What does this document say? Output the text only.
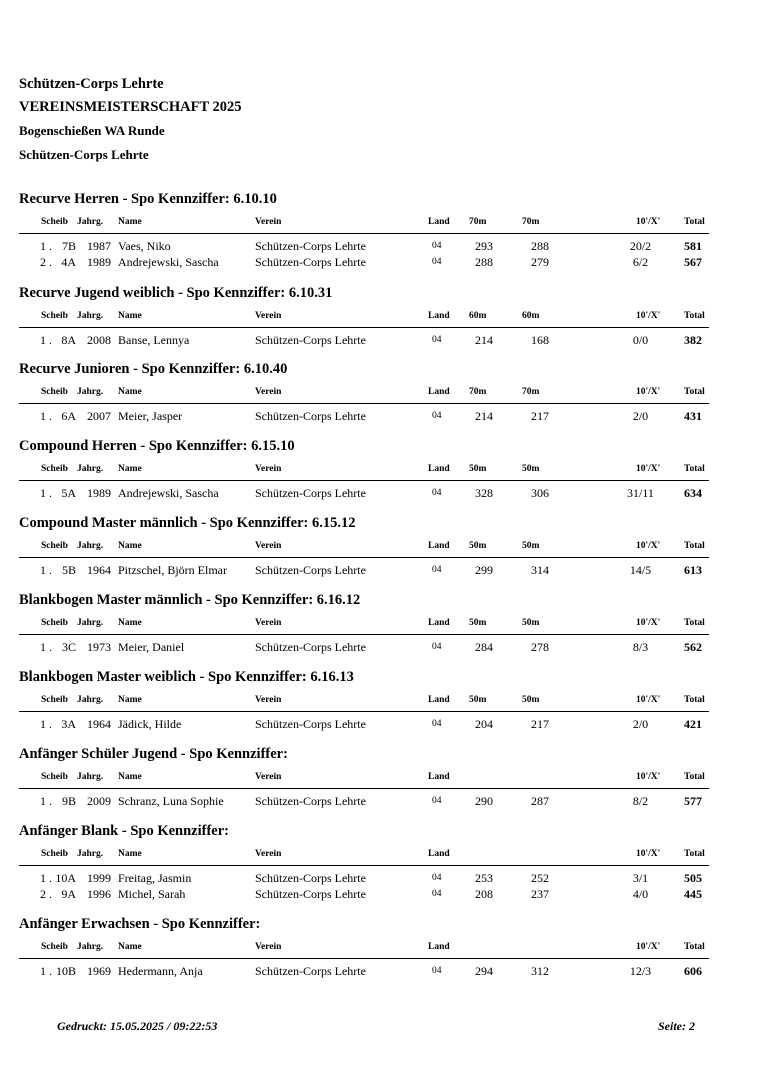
Schützen-Corps Lehrte
VEREINSMEISTERSCHAFT 2025
Bogenschießen WA Runde
Schützen-Corps Lehrte
Recurve Herren - Spo Kennziffer: 6.10.10
Scheib Jahrg. Name	Verein	Land 70m	70m	10'/X' Total
1 . 7B 1987 Vaes, Niko	Schützen-Corps Lehrte	04	293	288	20/2	581
2 . 4A 1989 Andrejewski, Sascha	Schützen-Corps Lehrte	04	288	279	6/2	567
Recurve Jugend weiblich - Spo Kennziffer: 6.10.31
Scheib Jahrg. Name	Verein	Land 60m	60m	10'/X' Total
1 . 8A 2008 Banse, Lennya	Schützen-Corps Lehrte	04	214	168	0/0	382
Recurve Junioren - Spo Kennziffer: 6.10.40
Scheib Jahrg. Name	Verein	Land 70m	70m	10'/X' Total
1 . 6A 2007 Meier, Jasper	Schützen-Corps Lehrte	04	214	217	2/0	431
Compound Herren - Spo Kennziffer: 6.15.10
Scheib Jahrg. Name	Verein	Land 50m	50m	10'/X' Total
1 . 5A 1989 Andrejewski, Sascha	Schützen-Corps Lehrte	04	328	306	31/11	634
Compound Master männlich - Spo Kennziffer: 6.15.12
Scheib Jahrg. Name	Verein	Land 50m	50m	10'/X' Total
1 . 5B 1964 Pitzschel, Björn Elmar Schützen-Corps Lehrte	04	299	314	14/5	613
Blankbogen Master männlich - Spo Kennziffer: 6.16.12
Scheib Jahrg. Name	Verein	Land 50m	50m	10'/X' Total
1 . 3C 1973 Meier, Daniel	Schützen-Corps Lehrte	04	284	278	8/3	562
Blankbogen Master weiblich - Spo Kennziffer: 6.16.13
Scheib Jahrg. Name	Verein	Land 50m	50m	10'/X' Total
1 . 3A 1964 Jädick, Hilde	Schützen-Corps Lehrte	04	204	217	2/0	421
Anfänger Schüler Jugend - Spo Kennziffer:
Scheib Jahrg. Name	Verein	Land	10'/X' Total
1 . 9B 2009 Schranz, Luna Sophie	Schützen-Corps Lehrte	04	290	287	8/2	577
Anfänger Blank - Spo Kennziffer:
Scheib Jahrg. Name	Verein	Land	10'/X' Total
1 . 10A 1999 Freitag, Jasmin	Schützen-Corps Lehrte	04	253	252	3/1	505
2 . 9A 1996 Michel, Sarah	Schützen-Corps Lehrte	04	208	237	4/0	445
Anfänger Erwachsen - Spo Kennziffer:
Scheib Jahrg. Name	Verein	Land	10'/X' Total
1 . 10B 1969 Hedermann, Anja	Schützen-Corps Lehrte	04	294	312	12/3	606
Gedruckt: 15.05.2025 / 09:22:53	Seite: 2
